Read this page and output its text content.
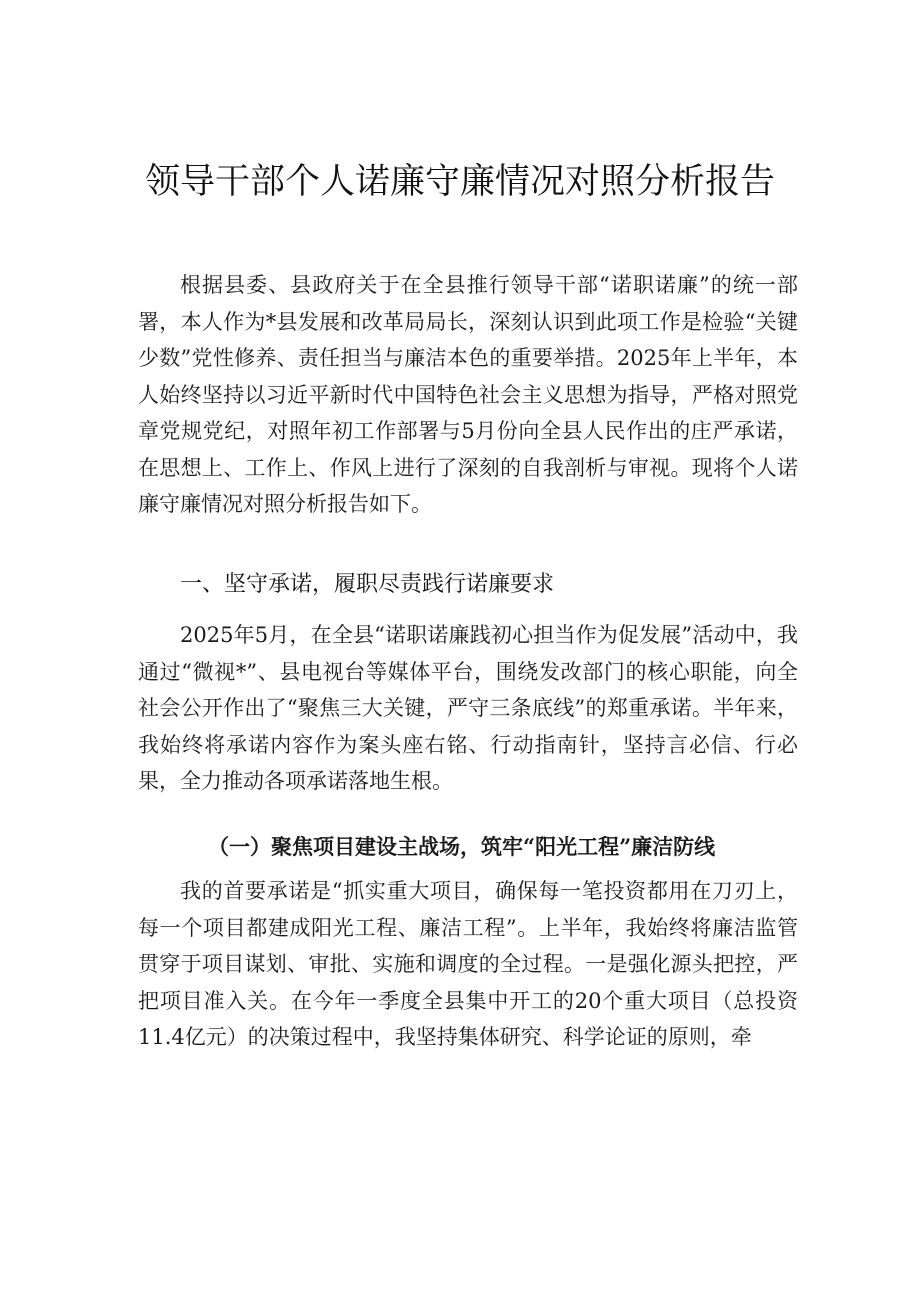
领导干部个人诺廉守廉情况对照分析报告

根据县委、县政府关于在全县推行领导干部“诺职诺廉”的统一部署，本人作为*县发展和改革局局长，深刻认识到此项工作是检验“关键少数”党性修养、责任担当与廉洁本色的重要举措。2025年上半年，本人始终坚持以习近平新时代中国特色社会主义思想为指导，严格对照党章党规党纪，对照年初工作部署与5月份向全县人民作出的庄严承诺，在思想上、工作上、作风上进行了深刻的自我剖析与审视。现将个人诺廉守廉情况对照分析报告如下。

一、坚守承诺，履职尽责践行诺廉要求

2025年5月，在全县“诺职诺廉践初心担当作为促发展”活动中，我通过“微视*”、县电视台等媒体平台，围绕发改部门的核心职能，向全社会公开作出了“聚焦三大关键，严守三条底线”的郑重承诺。半年来，我始终将承诺内容作为案头座右铭、行动指南针，坚持言必信、行必果，全力推动各项承诺落地生根。

（一）聚焦项目建设主战场，筑牢“阳光工程”廉洁防线

我的首要承诺是“抓实重大项目，确保每一笔投资都用在刀刃上，每一个项目都建成阳光工程、廉洁工程”。上半年，我始终将廉洁监管贯穿于项目谋划、审批、实施和调度的全过程。一是强化源头把控，严把项目准入关。在今年一季度全县集中开工的20个重大项目（总投资11.4亿元）的决策过程中，我坚持集体研究、科学论证的原则，牵
